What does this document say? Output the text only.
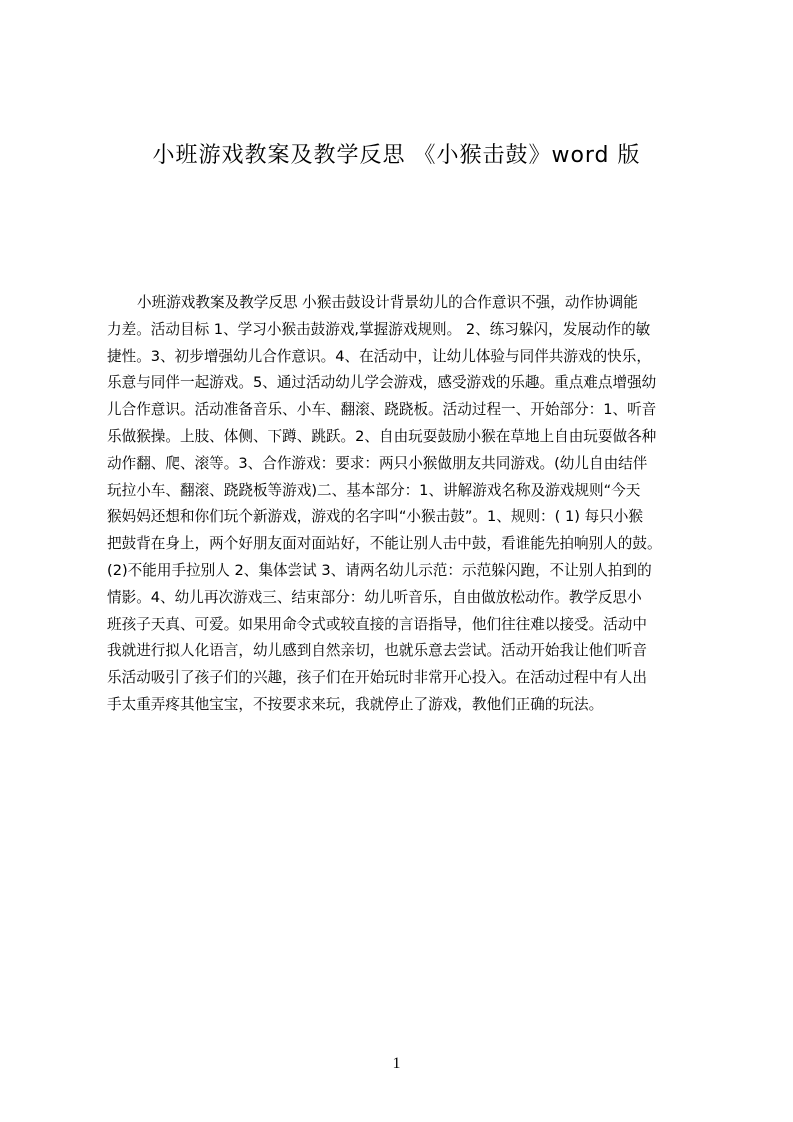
小班游戏教案及教学反思 《小猴击鼓》word 版
小班游戏教案及教学反思 小猴击鼓设计背景幼儿的合作意识不强，动作协调能
力差。活动目标 1、学习小猴击鼓游戏,掌握游戏规则。 2、练习躲闪，发展动作的敏
捷性。3、初步增强幼儿合作意识。4、在活动中，让幼儿体验与同伴共游戏的快乐，
乐意与同伴一起游戏。5、通过活动幼儿学会游戏，感受游戏的乐趣。重点难点增强幼
儿合作意识。活动准备音乐、小车、翻滚、跷跷板。活动过程一、开始部分：1、听音
乐做猴操。上肢、体侧、下蹲、跳跃。2、自由玩耍鼓励小猴在草地上自由玩耍做各种
动作翻、爬、滚等。3、合作游戏：要求：两只小猴做朋友共同游戏。(幼儿自由结伴
玩拉小车、翻滚、跷跷板等游戏)二、基本部分：1、讲解游戏名称及游戏规则“今天
猴妈妈还想和你们玩个新游戏，游戏的名字叫“小猴击鼓”。1、规则：( 1) 每只小猴
把鼓背在身上，两个好朋友面对面站好，不能让别人击中鼓，看谁能先拍响别人的鼓。
(2)不能用手拉别人 2、集体尝试 3、请两名幼儿示范：示范躲闪跑，不让别人拍到的
情影。4、幼儿再次游戏三、结束部分：幼儿听音乐，自由做放松动作。教学反思小
班孩子天真、可爱。如果用命令式或较直接的言语指导，他们往往难以接受。活动中
我就进行拟人化语言，幼儿感到自然亲切，也就乐意去尝试。活动开始我让他们听音
乐活动吸引了孩子们的兴趣，孩子们在开始玩时非常开心投入。在活动过程中有人出
手太重弄疼其他宝宝，不按要求来玩，我就停止了游戏，教他们正确的玩法。
1
